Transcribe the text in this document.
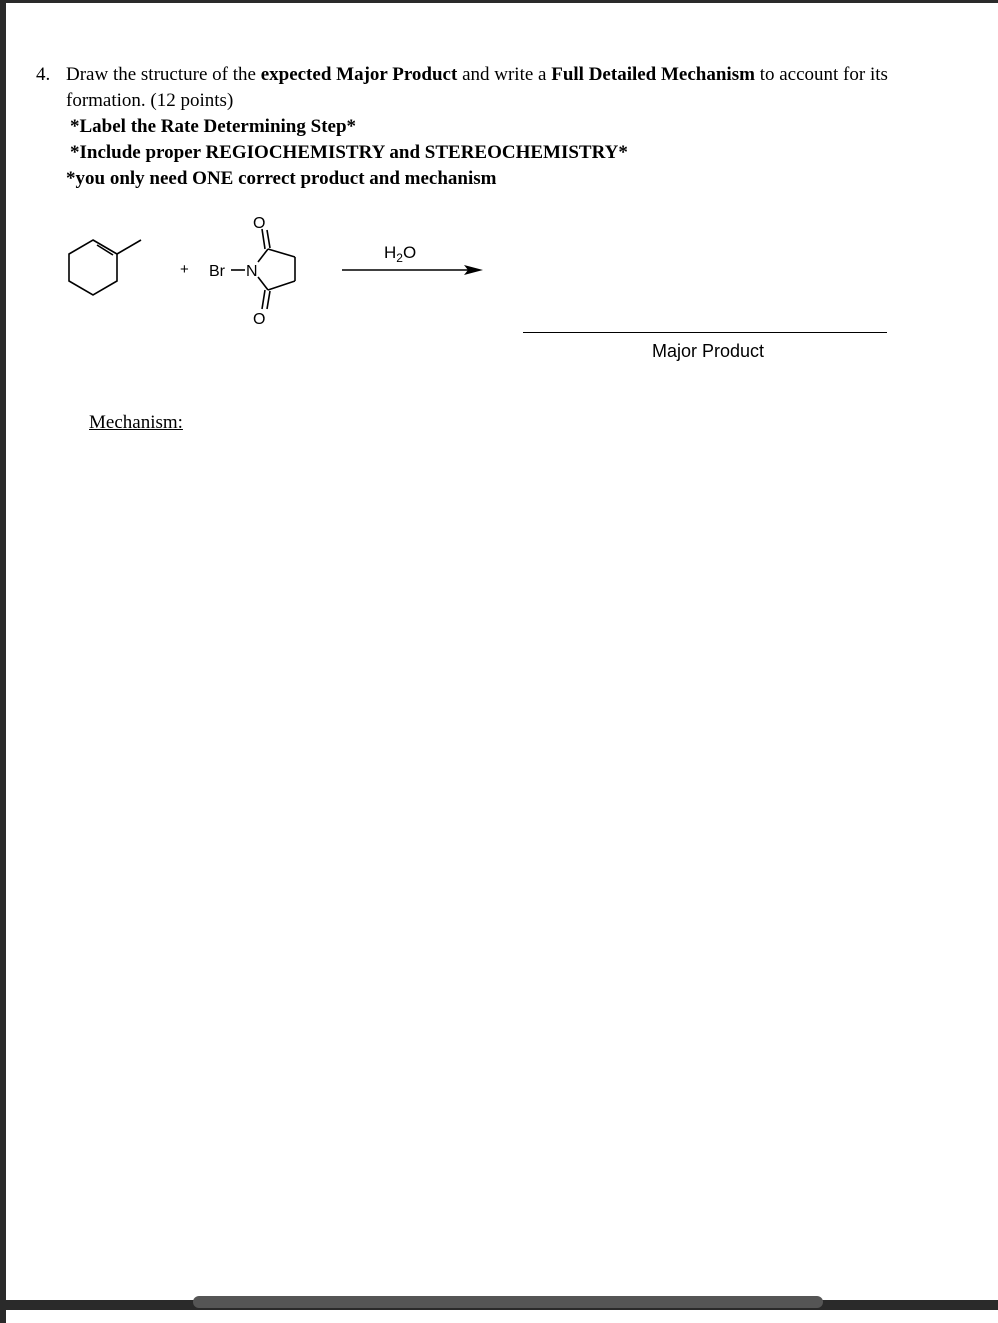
4. Draw the structure of the expected Major Product and write a Full Detailed Mechanism to account for its
formation. (12 points)
*Label the Rate Determining Step*
*Include proper REGIOCHEMISTRY and STEREOCHEMISTRY*
*you only need ONE correct product and mechanism
+ Br N
O
O
$H_2O$
Major Product
Mechanism:
